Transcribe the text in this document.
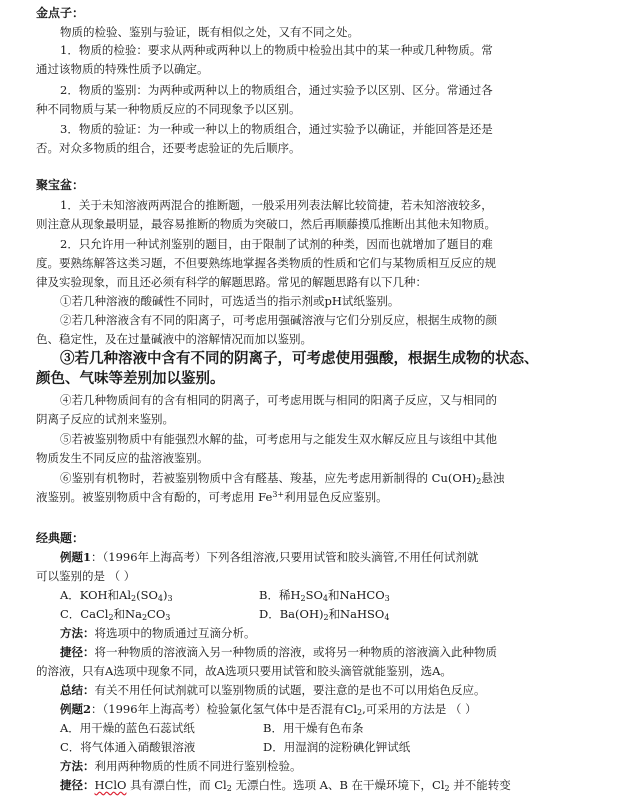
金点子：
物质的检验、鉴别与验证，既有相似之处，又有不同之处。
1．物质的检验：要求从两种或两种以上的物质中检验出其中的某一种或几种物质。常
通过该物质的特殊性质予以确定。
2．物质的鉴别：为两种或两种以上的物质组合，通过实验予以区别、区分。常通过各
种不同物质与某一种物质反应的不同现象予以区别。
3．物质的验证：为一种或一种以上的物质组合，通过实验予以确证，并能回答是还是
否。对众多物质的组合，还要考虑验证的先后顺序。
聚宝盆：
1．关于未知溶液两两混合的推断题，一般采用列表法解比较简捷，若未知溶液较多，
则注意从现象最明显，最容易推断的物质为突破口，然后再顺藤摸瓜推断出其他未知物质。
2．只允许用一种试剂鉴别的题目，由于限制了试剂的种类，因而也就增加了题目的难
度。要熟练解答这类习题，不但要熟练地掌握各类物质的性质和它们与某物质相互反应的规
律及实验现象，而且还必须有科学的解题思路。常见的解题思路有以下几种：
①若几种溶液的酸碱性不同时，可选适当的指示剂或pH试纸鉴别。
②若几种溶液含有不同的阳离子，可考虑用强碱溶液与它们分别反应，根据生成物的颜
色、稳定性，及在过量碱液中的溶解情况而加以鉴别。
③若几种溶液中含有不同的阴离子，可考虑使用强酸，根据生成物的状态、
颜色、气味等差别加以鉴别。
④若几种物质间有的含有相同的阴离子，可考虑用既与相同的阳离子反应，又与相同的
阴离子反应的试剂来鉴别。
⑤若被鉴别物质中有能强烈水解的盐，可考虑用与之能发生双水解反应且与该组中其他
物质发生不同反应的盐溶液鉴别。
⑥鉴别有机物时，若被鉴别物质中含有醛基、羧基，应先考虑用新制得的 $Cu(OH)_2$悬浊
液鉴别。被鉴别物质中含有酚的，可考虑用 $Fe^{3+}$利用显色反应鉴别。
经典题：
例题1：（1996年上海高考）下列各组溶液,只要用试管和胶头滴管,不用任何试剂就
可以鉴别的是 （ ）
A．KOH和$Al_2(SO_4)_3$	B．稀$H_2SO_4$和NaHCO$_3$
C．CaCl$_2$和$Na_2CO_3$	D．$Ba(OH)_2$和NaHSO$_4$
方法：将选项中的物质通过互滴分析。
捷径：将一种物质的溶液滴入另一种物质的溶液，或将另一种物质的溶液滴入此种物质
的溶液，只有A选项中现象不同，故A选项只要用试管和胶头滴管就能鉴别，选A。
总结：有关不用任何试剂就可以鉴别物质的试题，要注意的是也不可以用焰色反应。
例题2：（1996年上海高考）检验氯化氢气体中是否混有$Cl_2$,可采用的方法是 （ ）
A．用干燥的蓝色石蕊试纸	B．用干燥有色布条
C．将气体通入硝酸银溶液	D．用湿润的淀粉碘化钾试纸
方法：利用两种物质的性质不同进行鉴别检验。
捷径：HClO 具有漂白性，而 $Cl_2$ 无漂白性。选项 A、B 在干燥环境下，$Cl_2$ 并不能转变
